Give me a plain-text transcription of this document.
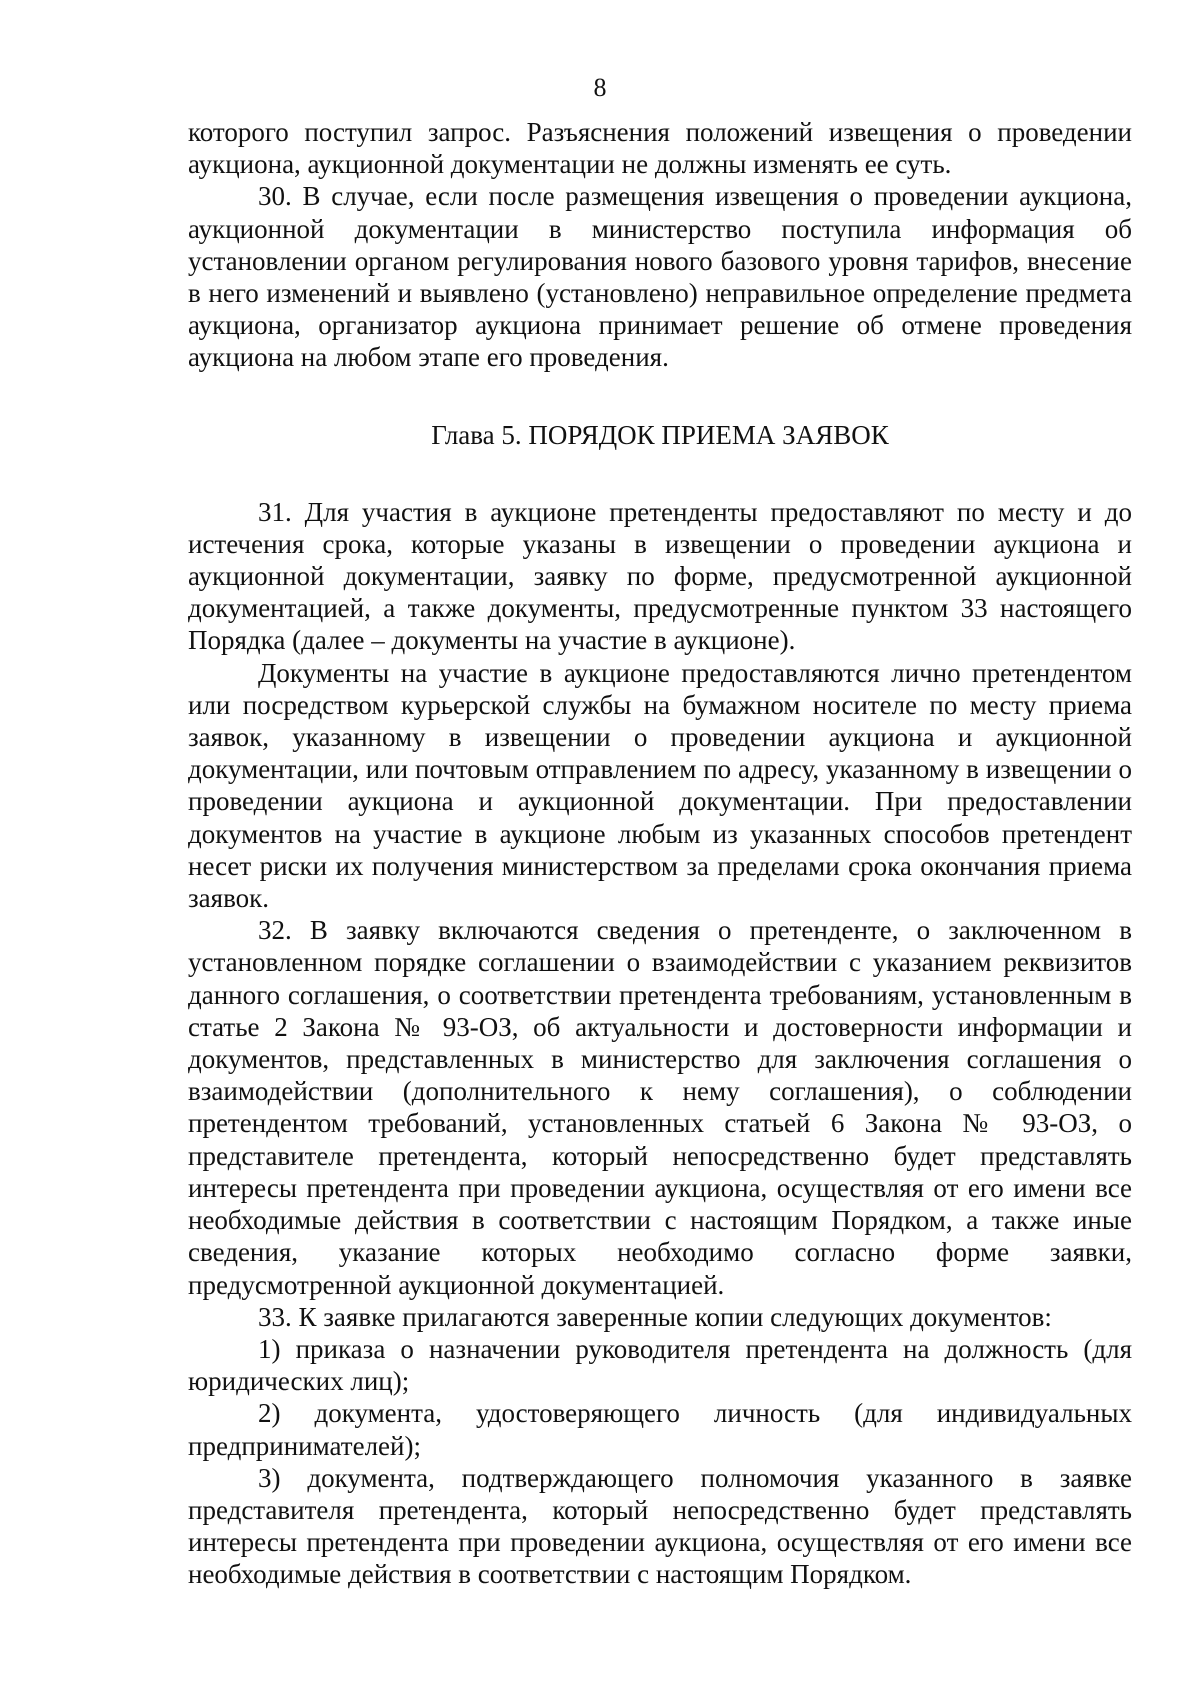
8

которого поступил запрос. Разъяснения положений извещения о проведении аукциона, аукционной документации не должны изменять ее суть.

30. В случае, если после размещения извещения о проведении аукциона, аукционной документации в министерство поступила информация об установлении органом регулирования нового базового уровня тарифов, внесение в него изменений и выявлено (установлено) неправильное определение предмета аукциона, организатор аукциона принимает решение об отмене проведения аукциона на любом этапе его проведения.

Глава 5. ПОРЯДОК ПРИЕМА ЗАЯВОК

31. Для участия в аукционе претенденты предоставляют по месту и до истечения срока, которые указаны в извещении о проведении аукциона и аукционной документации, заявку по форме, предусмотренной аукционной документацией, а также документы, предусмотренные пунктом 33 настоящего Порядка (далее – документы на участие в аукционе).

Документы на участие в аукционе предоставляются лично претендентом или посредством курьерской службы на бумажном носителе по месту приема заявок, указанному в извещении о проведении аукциона и аукционной документации, или почтовым отправлением по адресу, указанному в извещении о проведении аукциона и аукционной документации. При предоставлении документов на участие в аукционе любым из указанных способов претендент несет риски их получения министерством за пределами срока окончания приема заявок.

32. В заявку включаются сведения о претенденте, о заключенном в установленном порядке соглашении о взаимодействии с указанием реквизитов данного соглашения, о соответствии претендента требованиям, установленным в статье 2 Закона № 93-ОЗ, об актуальности и достоверности информации и документов, представленных в министерство для заключения соглашения о взаимодействии (дополнительного к нему соглашения), о соблюдении претендентом требований, установленных статьей 6 Закона № 93-ОЗ, о представителе претендента, который непосредственно будет представлять интересы претендента при проведении аукциона, осуществляя от его имени все необходимые действия в соответствии с настоящим Порядком, а также иные сведения, указание которых необходимо согласно форме заявки, предусмотренной аукционной документацией.

33. К заявке прилагаются заверенные копии следующих документов:

1) приказа о назначении руководителя претендента на должность (для юридических лиц);

2) документа, удостоверяющего личность (для индивидуальных предпринимателей);

3) документа, подтверждающего полномочия указанного в заявке представителя претендента, который непосредственно будет представлять интересы претендента при проведении аукциона, осуществляя от его имени все необходимые действия в соответствии с настоящим Порядком.
